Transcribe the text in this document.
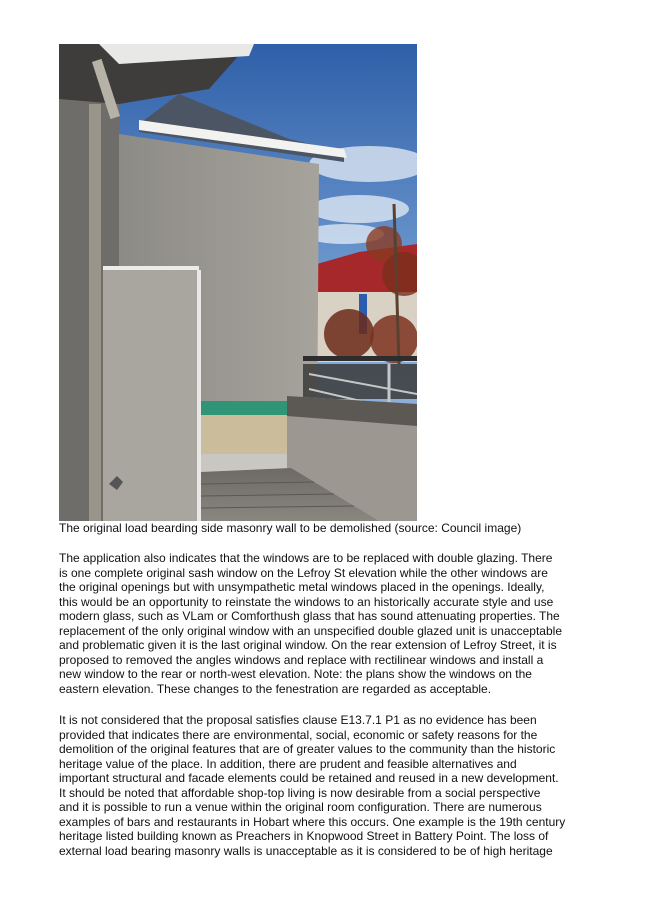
The original load bearding side masonry wall to be demolished (source: Council image)
The application also indicates that the windows are to be replaced with double glazing. There
is one complete original sash window on the Lefroy St elevation while the other windows are
the original openings but with unsympathetic metal windows placed in the openings. Ideally,
this would be an opportunity to reinstate the windows to an historically accurate style and use
modern glass, such as VLam or Comforthush glass that has sound attenuating properties. The
replacement of the only original window with an unspecified double glazed unit is unacceptable
and problematic given it is the last original window. On the rear extension of Lefroy Street, it is
proposed to removed the angles windows and replace with rectilinear windows and install a
new window to the rear or north-west elevation. Note: the plans show the windows on the
eastern elevation. These changes to the fenestration are regarded as acceptable.
It is not considered that the proposal satisfies clause E13.7.1 P1 as no evidence has been
provided that indicates there are environmental, social, economic or safety reasons for the
demolition of the original features that are of greater values to the community than the historic
heritage value of the place. In addition, there are prudent and feasible alternatives and
important structural and facade elements could be retained and reused in a new development.
It should be noted that affordable shop-top living is now desirable from a social perspective
and it is possible to run a venue within the original room configuration. There are numerous
examples of bars and restaurants in Hobart where this occurs. One example is the 19th century
heritage listed building known as Preachers in Knopwood Street in Battery Point. The loss of
external load bearing masonry walls is unacceptable as it is considered to be of high heritage
